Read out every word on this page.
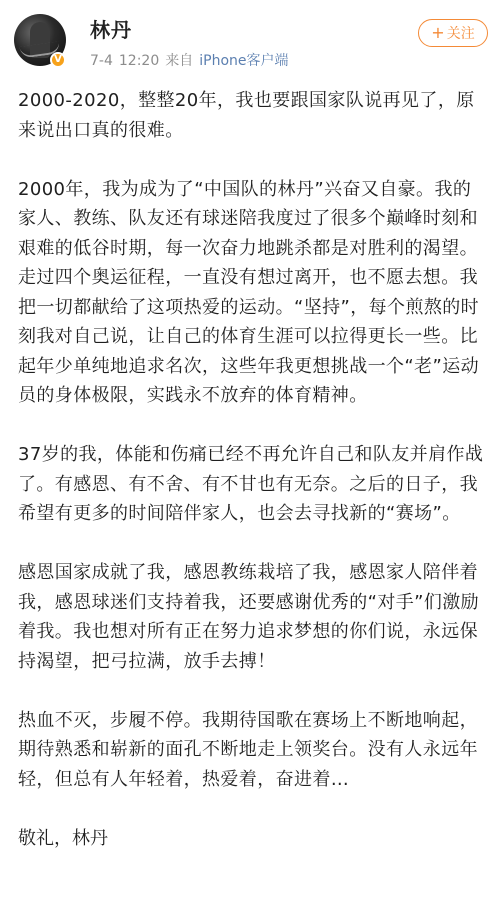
V
林丹
7-4 12:20 来自 iPhone客户端
+ 关注

2000-2020，整整20年，我也要跟国家队说再见了，原来说出口真的很难。

2000年，我为成为了“中国队的林丹”兴奋又自豪。我的家人、教练、队友还有球迷陪我度过了很多个巅峰时刻和艰难的低谷时期，每一次奋力地跳杀都是对胜利的渴望。走过四个奥运征程，一直没有想过离开，也不愿去想。我把一切都献给了这项热爱的运动。“坚持”，每个煎熬的时刻我对自己说，让自己的体育生涯可以拉得更长一些。比起年少单纯地追求名次，这些年我更想挑战一个“老”运动员的身体极限，实践永不放弃的体育精神。

37岁的我，体能和伤痛已经不再允许自己和队友并肩作战了。有感恩、有不舍、有不甘也有无奈。之后的日子，我希望有更多的时间陪伴家人，也会去寻找新的“赛场”。

感恩国家成就了我，感恩教练栽培了我，感恩家人陪伴着我，感恩球迷们支持着我，还要感谢优秀的“对手”们激励着我。我也想对所有正在努力追求梦想的你们说，永远保持渴望，把弓拉满，放手去搏！

热血不灭，步履不停。我期待国歌在赛场上不断地响起，期待熟悉和崭新的面孔不断地走上领奖台。没有人永远年轻，但总有人年轻着，热爱着，奋进着…

敬礼，林丹
